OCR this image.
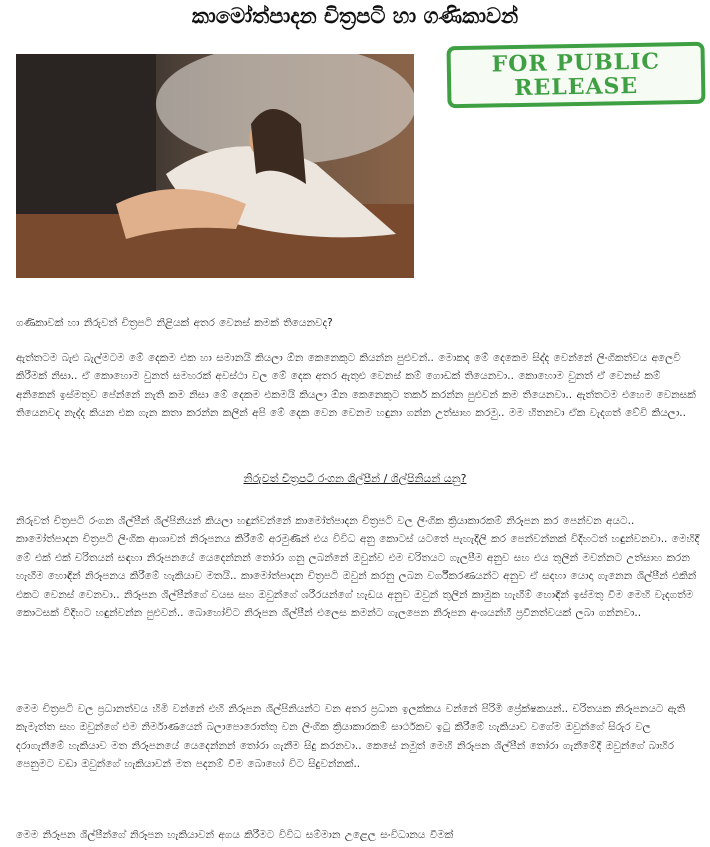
කාමෝත්පාදන චිත්‍රපටි හා ගණිකාවන්
FOR PUBLIC
RELEASE
ගණිකාවක් හා නිරුවත් චිත්‍රපටි නිළියක් අතර වෙනස් කමක් තියෙනවද?
ඇත්තටම බැළු බැල්මටම මේ දෙකම එක හා සමානයි කියලා ඕන කෙනෙකුට කියන්න පුළුවන්.. මොකද මේ දෙකෙම සිද්ද වෙන්නේ ලිංගිකත්වය අලෙවි කිරීමක් නිසා.. ඒ කොහොම වුනත් සමහරක් අවස්ථා වල මේ දෙක අතර ඇතුළු වෙනස් කම් ගොඩක් තියෙනවා.. කොහොම වුනත් ඒ වෙනස් කම් අනිකෙන් ඉස්මතුව පේන්නේ නැති කම නිසා මේ දෙකම එකමයි කියලා ඕන කෙනෙකුට තර්ක කරන්න පුළුවන් කම තියෙනවා.. ඇත්තටම එහෙම වෙනසක් තියෙනවද නැද්ද කියන එක ගැන කතා කරන්න කලින් අපි මේ දෙක වෙන වෙනම හඳුනා ගන්න උත්සාහ කරමු.. මම හිතනවා ඒක වැදගත් වේවි කියලා..
නිරුවත් චිත්‍රපටි රංගන ශිල්පීන් / ශිල්පිනියන් යනු?
නිරුවත් චිත්‍රපටි රංගන ශිල්පීන් ශිල්පිනියන් කියලා හඳුන්වන්නේ කාමෝත්පාදන චිත්‍රපටි වල ලිංගික ක්‍රියාකාරකම් නිරූපන කර පෙන්වන අයට.. කාමෝත්පාදන චිත්‍රපටි ලිංගික ආශාවන් නිරූපනය කිරීමේ අරමුණින් එය විවිධ අනු කොටස් යටතේ පැහැදිලි කර පෙන්වන්නක් විදිහටත් හඳුන්වනවා.. මෙහිදී මේ එක් එක් චරිතයන් සඳහා නිරූපනයේ යෙදෙන්නන් තෝරා ගනු ලබන්නේ ඔවුන්ව එම චරිතයට ගැලපීම අනුව සහ එය තුලින් මවන්නට උත්සාහ කරන හැඟීම හොඳින් නිරූපනය කිරීමේ හැකියාව මතයි.. කාමෝත්පාදන චිත්‍රපටි ඔවුන් කරනු ලබන වර්ගීකරණයන්ට අනුව ඒ සදහා යොදා ගැනෙන ශිල්පීන් එකින් එකට වෙනස් වෙනවා.. නිරූපන ශිල්පීන්ගේ වයස සහ ඔවුන්ගේ ශරීරයන්ගේ හැඩය අනුව ඔවුන් තුලින් කාමුක හැඟීම් හොඳින් ඉස්මතු වීම මෙහි වැදගත්ම කොටසක් විදිහට හඳුන්වන්න පුළුවන්.. බොහෝවිට නිරූපන ශිල්පීන් එලෙස කමන්ට ගැලපෙන නිරූපන අංශයන්හී ප්‍රවීනත්වයක් ලබා ගන්නවා..
මෙම චිත්‍රපටි වල ප්‍රධානත්වය හිමි වන්නේ එහි නිරූපන ශිල්පිනියන්ට වන අතර ප්‍රධාන ඉලක්කය වන්නේ පිරිමි ප්‍රේක්ෂකයන්.. චරිතයක නිරූපනයට ඇති කැමැත්ත සහ ඔවුන්ගේ එම නිර්මාණයෙන් බලාපොරොත්තු වන ලිංගික ක්‍රියාකාරකම් සාර්ථකව ඉටු කිරීමේ හැකියාව වගේම ඔවුන්ගේ සිරුර වල දරාගැනීමේ හැකියාව මත නිරූපනයේ යෙදෙන්නන් තෝරා ගැනීම සිදු කරනවා.. කෙසේ නමුත් මෙහි නිරූපන ශිල්පීන් තෝරා ගැනීමේදී ඔවුන්ගේ බාහිර පෙනුමට වඩා ඔවුන්ගේ හැකියාවන් මත පදනම් වීම බොහෝ විට සිදුවන්නක්..
මෙම නිරූපන ශිල්පීන්ගේ නිරූපන හැකියාවන් අගය කිරීමට විවිධ සම්මාන උළෙල සංවිධානය වීමක්
